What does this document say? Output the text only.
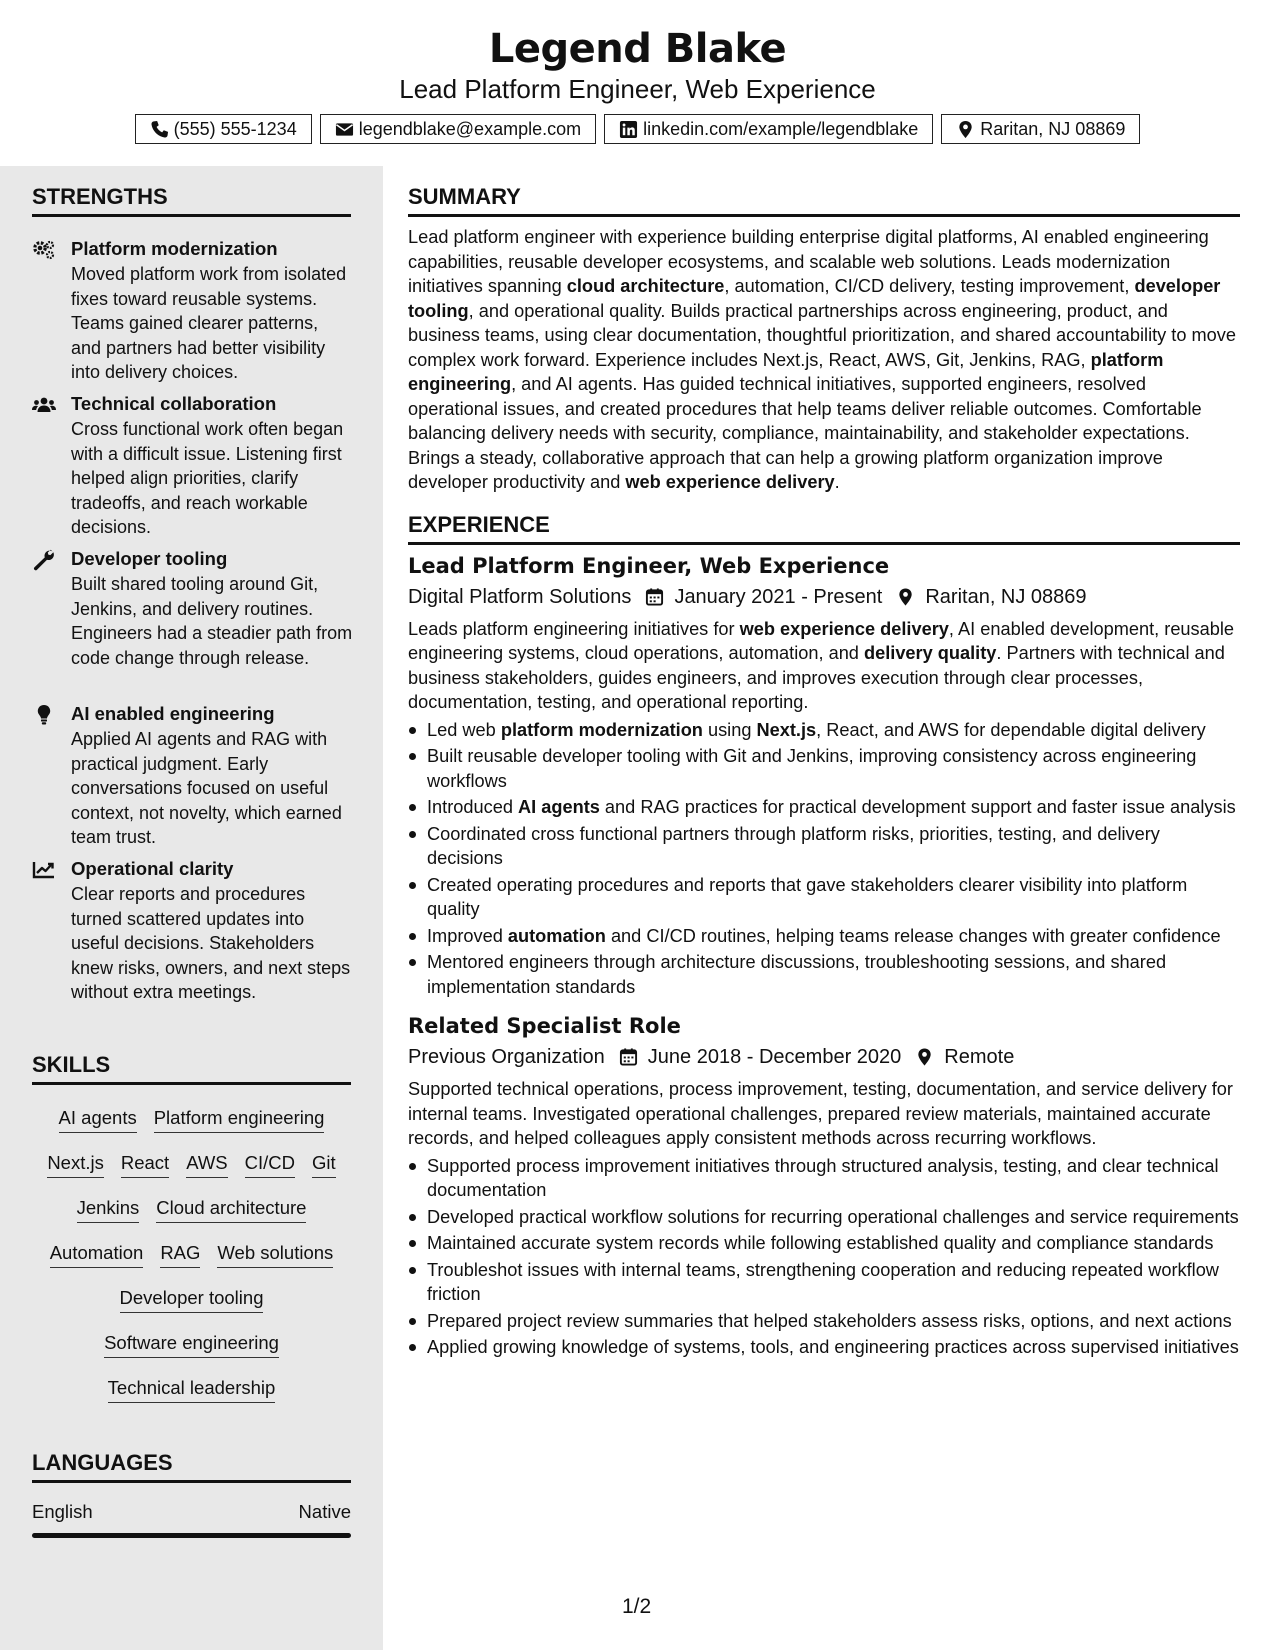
Legend Blake
Lead Platform Engineer, Web Experience
(555) 555-1234	legendblake@example.com	linkedin.com/example/legendblake	Raritan, NJ 08869
STRENGTHS
Platform modernization
Moved platform work from isolated fixes toward reusable systems. Teams gained clearer patterns, and partners had better visibility into delivery choices.
Technical collaboration
Cross functional work often began with a difficult issue. Listening first helped align priorities, clarify tradeoffs, and reach workable decisions.
Developer tooling
Built shared tooling around Git, Jenkins, and delivery routines. Engineers had a steadier path from code change through release.
AI enabled engineering
Applied AI agents and RAG with practical judgment. Early conversations focused on useful context, not novelty, which earned team trust.
Operational clarity
Clear reports and procedures turned scattered updates into useful decisions. Stakeholders knew risks, owners, and next steps without extra meetings.
SKILLS
AI agents Platform engineering
Next.js React AWS CI/CD Git
Jenkins Cloud architecture
Automation RAG Web solutions
Developer tooling
Software engineering
Technical leadership
LANGUAGES
English	Native
SUMMARY
Lead platform engineer with experience building enterprise digital platforms, AI enabled engineering capabilities, reusable developer ecosystems, and scalable web solutions. Leads modernization initiatives spanning cloud architecture, automation, CI/CD delivery, testing improvement, developer tooling, and operational quality. Builds practical partnerships across engineering, product, and business teams, using clear documentation, thoughtful prioritization, and shared accountability to move complex work forward. Experience includes Next.js, React, AWS, Git, Jenkins, RAG, platform engineering, and AI agents. Has guided technical initiatives, supported engineers, resolved operational issues, and created procedures that help teams deliver reliable outcomes. Comfortable balancing delivery needs with security, compliance, maintainability, and stakeholder expectations. Brings a steady, collaborative approach that can help a growing platform organization improve developer productivity and web experience delivery.
EXPERIENCE
Lead Platform Engineer, Web Experience
Digital Platform Solutions January 2021 - Present Raritan, NJ 08869
Leads platform engineering initiatives for web experience delivery, AI enabled development, reusable engineering systems, cloud operations, automation, and delivery quality. Partners with technical and business stakeholders, guides engineers, and improves execution through clear processes, documentation, testing, and operational reporting.
Led web platform modernization using Next.js, React, and AWS for dependable digital delivery
Built reusable developer tooling with Git and Jenkins, improving consistency across engineering workflows
Introduced AI agents and RAG practices for practical development support and faster issue analysis
Coordinated cross functional partners through platform risks, priorities, testing, and delivery decisions
Created operating procedures and reports that gave stakeholders clearer visibility into platform quality
Improved automation and CI/CD routines, helping teams release changes with greater confidence
Mentored engineers through architecture discussions, troubleshooting sessions, and shared implementation standards
Related Specialist Role
Previous Organization June 2018 - December 2020 Remote
Supported technical operations, process improvement, testing, documentation, and service delivery for internal teams. Investigated operational challenges, prepared review materials, maintained accurate records, and helped colleagues apply consistent methods across recurring workflows.
Supported process improvement initiatives through structured analysis, testing, and clear technical documentation
Developed practical workflow solutions for recurring operational challenges and service requirements
Maintained accurate system records while following established quality and compliance standards
Troubleshot issues with internal teams, strengthening cooperation and reducing repeated workflow friction
Prepared project review summaries that helped stakeholders assess risks, options, and next actions
Applied growing knowledge of systems, tools, and engineering practices across supervised initiatives
1/2
